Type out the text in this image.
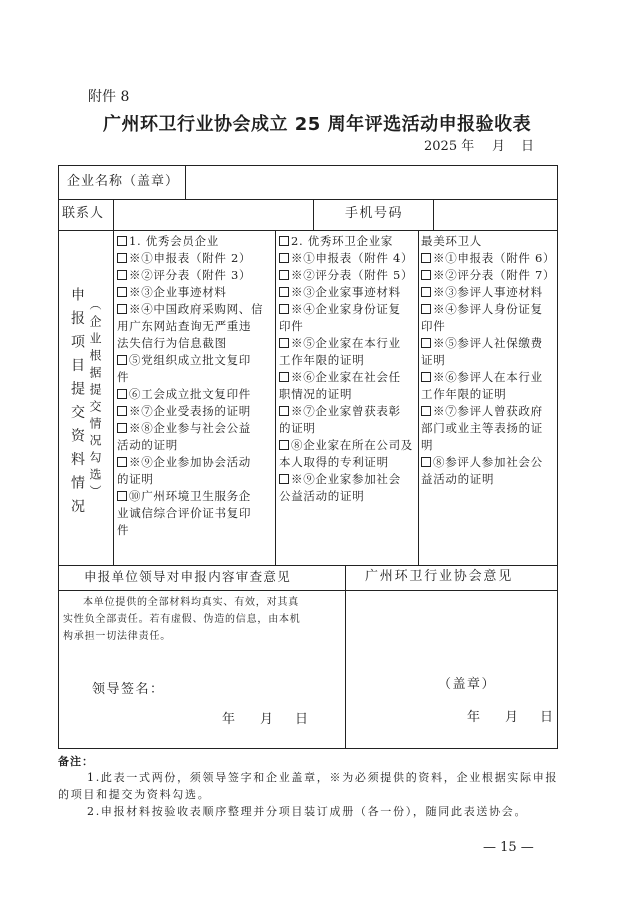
附件 8
广州环卫行业协会成立 25 周年评选活动申报验收表
2025 年 月 日
企业名称（盖章）
联系人	手机号码
申报项目提交资料情况 （企业根据提交情况勾选）
1. 优秀会员企业
※①申报表（附件 2）
※②评分表（附件 3）
※③企业事迹材料
※④中国政府采购网、信
用广东网站查询无严重违
法失信行为信息截图
⑤党组织成立批文复印
件
⑥工会成立批文复印件
※⑦企业受表扬的证明
※⑧企业参与社会公益
活动的证明
※⑨企业参加协会活动
的证明
⑩广州环境卫生服务企
业诚信综合评价证书复印
件
2. 优秀环卫企业家
※①申报表（附件 4）
※②评分表（附件 5）
※③企业家事迹材料
※④企业家身份证复
印件
※⑤企业家在本行业
工作年限的证明
※⑥企业家在社会任
职情况的证明
※⑦企业家曾获表彰
的证明
⑧企业家在所在公司及
本人取得的专利证明
※⑨企业家参加社会
公益活动的证明
最美环卫人
※①申报表（附件 6）
※②评分表（附件 7）
※③参评人事迹材料
※④参评人身份证复
印件
※⑤参评人社保缴费
证明
※⑥参评人在本行业
工作年限的证明
※⑦参评人曾获政府
部门或业主等表扬的证
明
⑧参评人参加社会公
益活动的证明
申报单位领导对申报内容审查意见	广州环卫行业协会意见
本单位提供的全部材料均真实、有效，对其真
实性负全部责任。若有虚假、伪造的信息，由本机
构承担一切法律责任。
领导签名：
年 月 日
（盖章）
年 月 日
备注：
1.此表一式两份，须领导签字和企业盖章，※为必须提供的资料，企业根据实际申报
的项目和提交为资料勾选。
2.申报材料按验收表顺序整理并分项目装订成册（各一份），随同此表送协会。
— 15 —
